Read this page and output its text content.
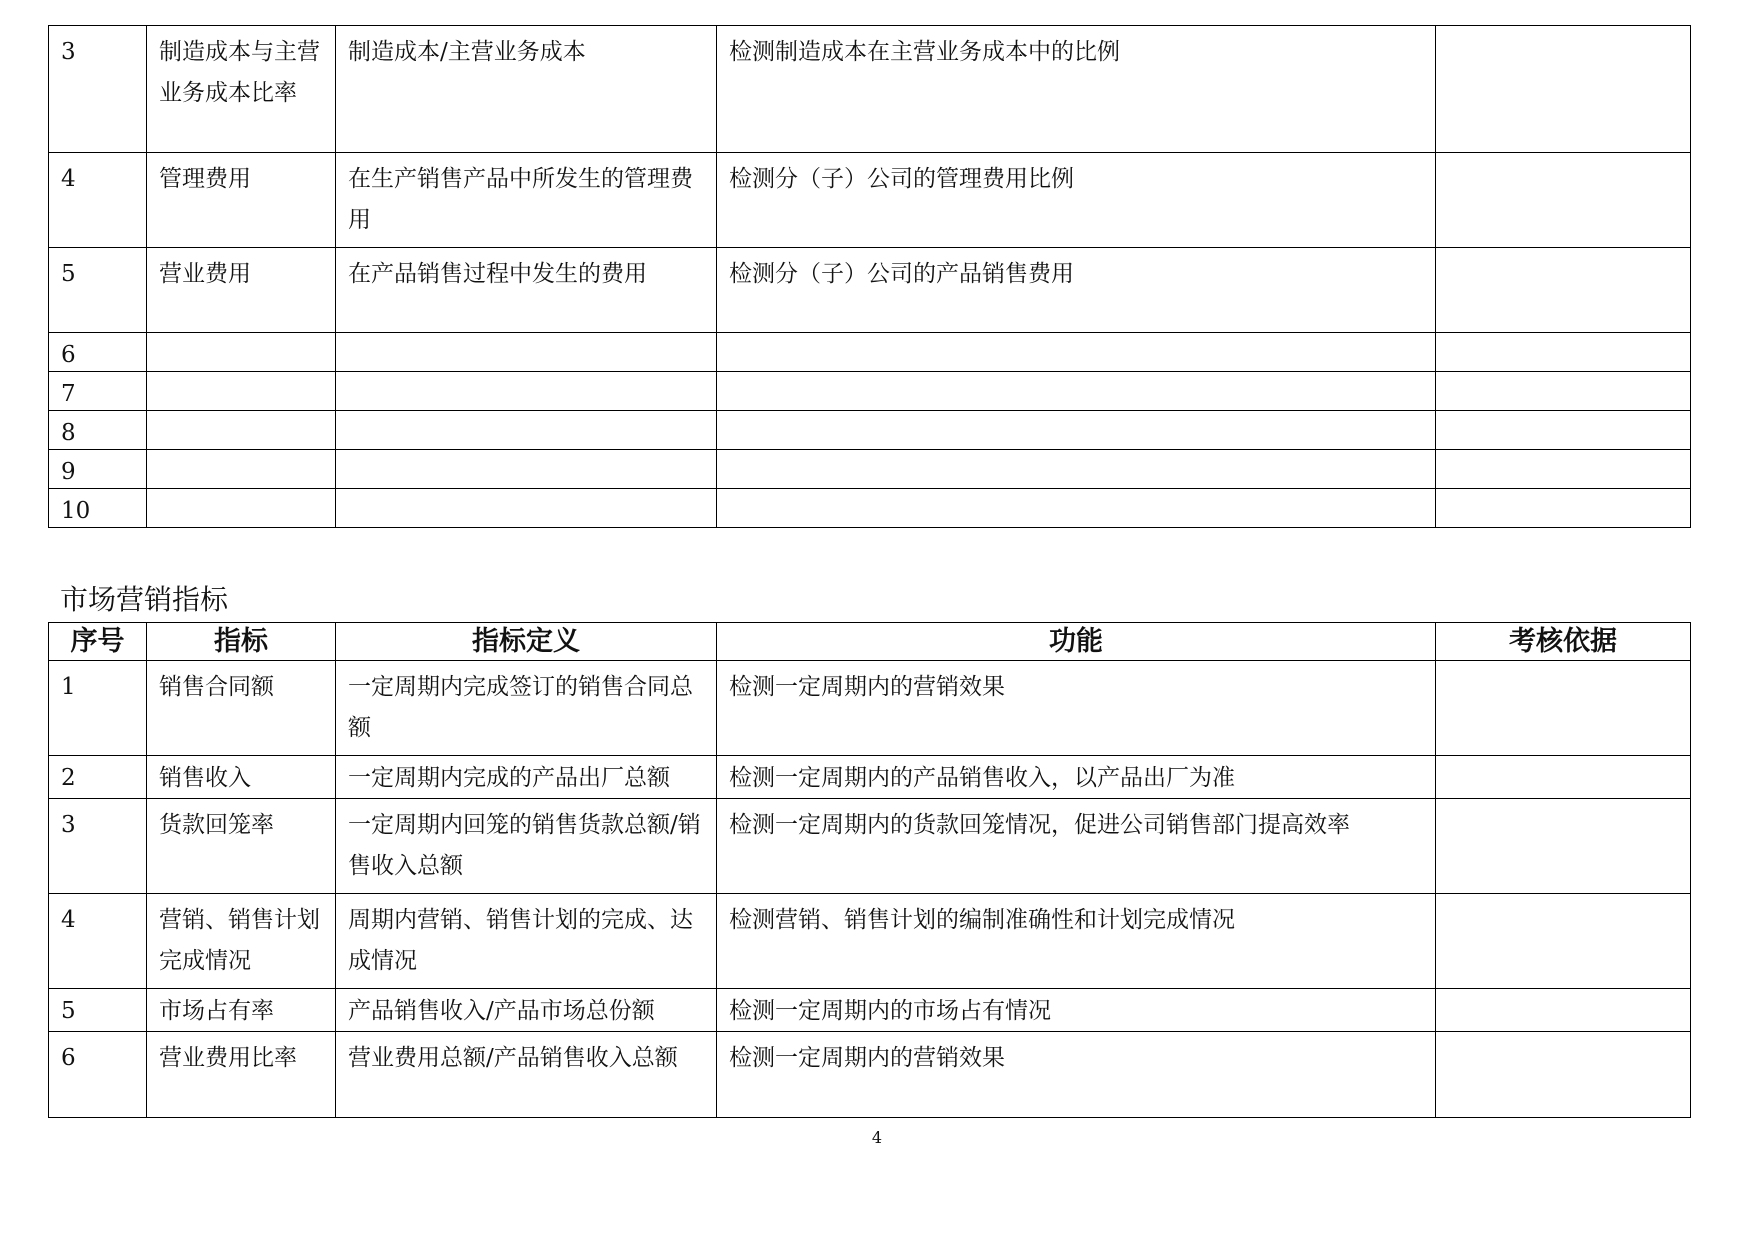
3	制造成本与主营业务成本比率	制造成本/主营业务成本	检测制造成本在主营业务成本中的比例	
4	管理费用	在生产销售产品中所发生的管理费用	检测分（子）公司的管理费用比例	
5	营业费用	在产品销售过程中发生的费用	检测分（子）公司的产品销售费用	
6				
7				
8				
9				
10				
市场营销指标
序号	指标	指标定义	功能	考核依据
1	销售合同额	一定周期内完成签订的销售合同总额	检测一定周期内的营销效果	
2	销售收入	一定周期内完成的产品出厂总额	检测一定周期内的产品销售收入，以产品出厂为准	
3	货款回笼率	一定周期内回笼的销售货款总额/销售收入总额	检测一定周期内的货款回笼情况，促进公司销售部门提高效率	
4	营销、销售计划完成情况	周期内营销、销售计划的完成、达成情况	检测营销、销售计划的编制准确性和计划完成情况	
5	市场占有率	产品销售收入/产品市场总份额	检测一定周期内的市场占有情况	
6	营业费用比率	营业费用总额/产品销售收入总额	检测一定周期内的营销效果	
4
